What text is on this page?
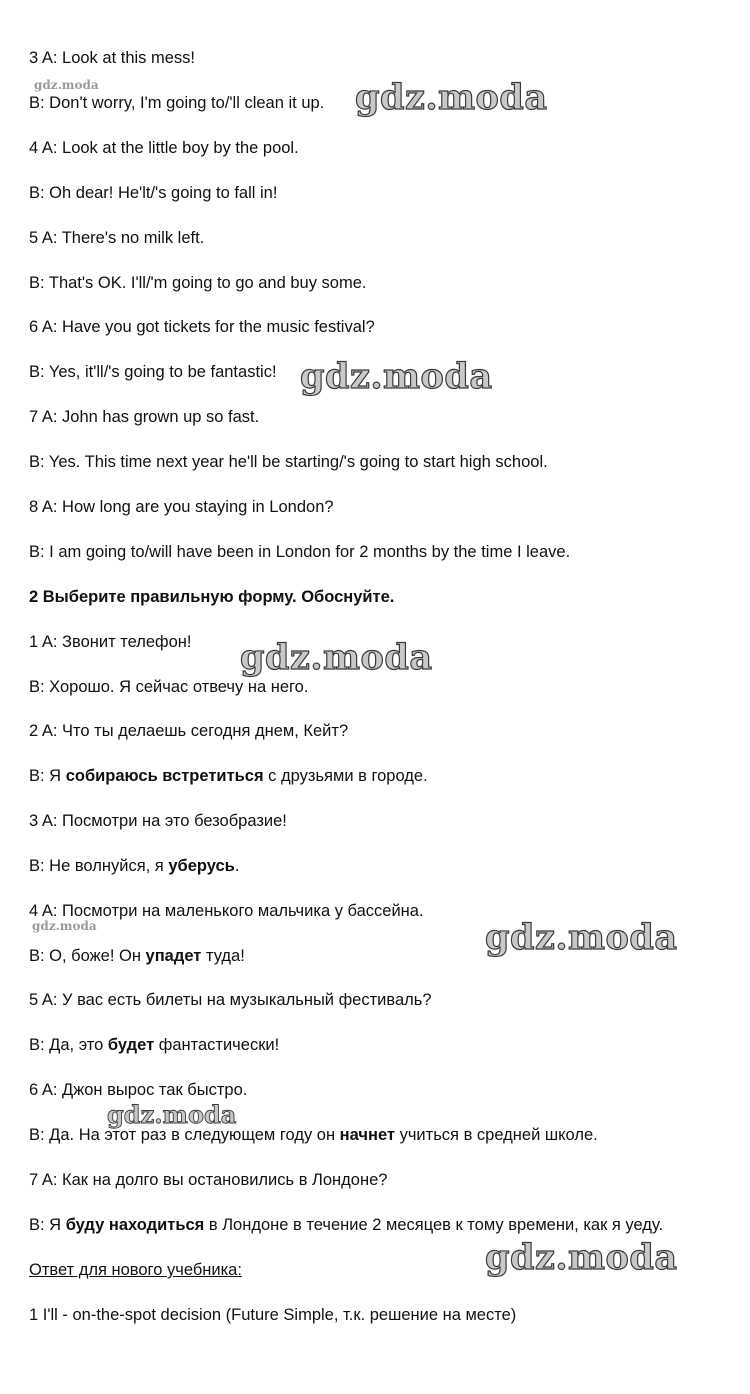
3 A: Look at this mess!
B: Don't worry, I'm going to/'ll clean it up.
4 A: Look at the little boy by the pool.
B: Oh dear! He'lt/'s going to fall in!
5 A: There's no milk left.
B: That's OK. I'll/'m going to go and buy some.
6 A: Have you got tickets for the music festival?
B: Yes, it'll/'s going to be fantastic!
7 A: John has grown up so fast.
B: Yes. This time next year he'll be starting/'s going to start high school.
8 A: How long are you staying in London?
B: I am going to/will have been in London for 2 months by the time I leave.
2 Выберите правильную форму. Обоснуйте.
1 A: Звонит телефон!
B: Хорошо. Я сейчас отвечу на него.
2 A: Что ты делаешь сегодня днем, Кейт?
B: Я собираюсь встретиться с друзьями в городе.
3 A: Посмотри на это безобразие!
B: Не волнуйся, я уберусь.
4 A: Посмотри на маленького мальчика у бассейна.
B: О, боже! Он упадет туда!
5 A: У вас есть билеты на музыкальный фестиваль?
B: Да, это будет фантастически!
6 A: Джон вырос так быстро.
B: Да. На этот раз в следующем году он начнет учиться в средней школе.
7 A: Как на долго вы остановились в Лондоне?
B: Я буду находиться в Лондоне в течение 2 месяцев к тому времени, как я уеду.
Ответ для нового учебника:
1 I'll - on-the-spot decision (Future Simple, т.к. решение на месте)
gdz.moda	gdz.moda
gdz.moda
gdz.moda
gdz.moda	gdz.moda
gdz.moda
gdz.moda
